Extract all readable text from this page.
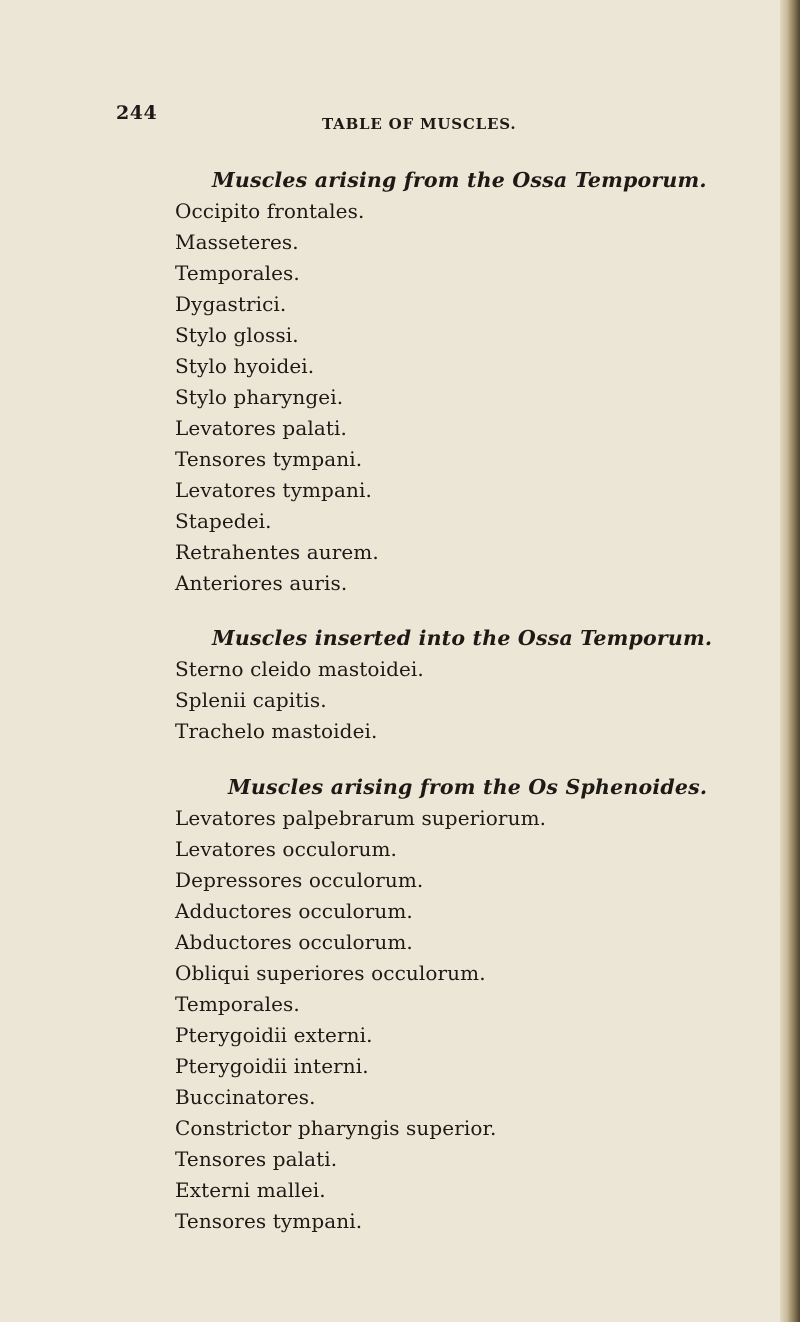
244	TABLE OF MUSCLES.
Muscles arising from the Ossa Temporum.
Occipito frontales.
Masseteres.
Temporales.
Dygastrici.
Stylo glossi.
Stylo hyoidei.
Stylo pharyngei.
Levatores palati.
Tensores tympani.
Levatores tympani.
Stapedei.
Retrahentes aurem.
Anteriores auris.
Muscles inserted into the Ossa Temporum.
Sterno cleido mastoidei.
Splenii capitis.
Trachelo mastoidei.
Muscles arising from the Os Sphenoides.
Levatores palpebrarum superiorum.
Levatores occulorum.
Depressores occulorum.
Adductores occulorum.
Abductores occulorum.
Obliqui superiores occulorum.
Temporales.
Pterygoidii externi.
Pterygoidii interni.
Buccinatores.
Constrictor pharyngis superior.
Tensores palati.
Externi mallei.
Tensores tympani.
